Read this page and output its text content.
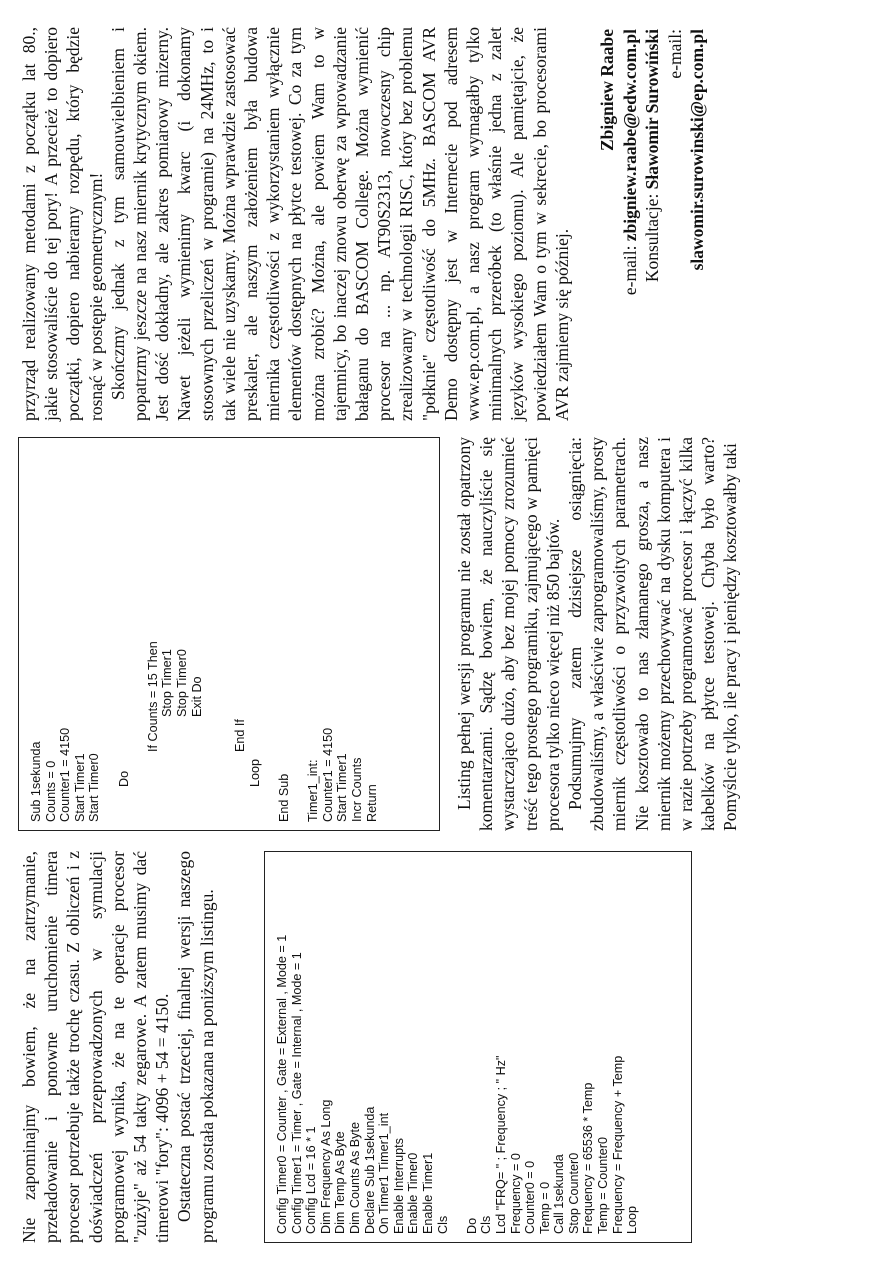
Nie zapominajmy bowiem, że na zatrzymanie, przeładowanie i ponowne uruchomienie timera procesor potrzebuje także trochę czasu. Z obliczeń i z doświadczeń przeprowadzonych w symulacji programowej wynika, że na te operacje procesor "zużyje" aż 54 takty zegarowe. A zatem musimy dać timerowi "fory": 4096 + 54 = 4150. Ostateczna postać trzeciej, finalnej wersji naszego programu została pokazana na poniższym listingu.	Config Timer0 = Counter , Gate = External , Mode = 1 Config Timer1 = Timer , Gate = Internal , Mode = 1 Config Lcd = 16 * 1 Dim Frequency As Long Dim Temp As Byte Dim Counts As Byte Declare Sub 1sekunda On Timer1 Timer1_int Enable Interrupts Enable Timer0 Enable Timer1 Cls Do Cls Lcd "FRQ= " ; Frequency ; " Hz" Frequency = 0 Counter0 = 0 Temp = 0 Call 1sekunda Stop Counter0 Frequency = 65536 * Temp Temp = Counter0 Frequency = Frequency + Temp Loop
Sub 1sekunda Counts = 0 Counter1 = 4150 Start Timer1 Start Timer0 Do If Counts = 15 Then Stop Timer1 Stop Timer0 Exit Do End If Loop End Sub Timer1_int: Counter1 = 4150 Start Timer1 Incr Counts Return	Listing pełnej wersji programu nie został opatrzony komentarzami. Sądzę bowiem, że nauczyliście się wystarczająco dużo, aby bez mojej pomocy zrozumieć treść tego prostego programiku, zajmującego w pamięci procesora tylko nieco więcej niż 850 bajtów. Podsumujmy zatem dzisiejsze osiągnięcia: zbudowaliśmy, a właściwie zaprogramowaliśmy, prosty miernik częstotliwości o przyzwoitych parametrach. Nie kosztowało to nas złamanego grosza, a nasz miernik możemy przechowywać na dysku komputera i w razie potrzeby programować procesor i łączyć kilka kabelków na płytce testowej. Chyba było warto? Pomyślcie tylko, ile pracy i pieniędzy kosztowałby taki

przyrząd realizowany metodami z początku lat 80., jakie stosowaliście do tej pory! A przecież to dopiero początki, dopiero nabieramy rozpędu, który będzie rosnąć w postępie geometrycznym! Skończmy jednak z tym samouwielbieniem i popatrzmy jeszcze na nasz miernik krytycznym okiem. Jest dość dokładny, ale zakres pomiarowy mizerny. Nawet jeżeli wymienimy kwarc (i dokonamy stosownych przeliczeń w programie) na 24MHz, to i tak wiele nie uzyskamy. Można wprawdzie zastosować preskaler, ale naszym założeniem była budowa miernika częstotliwości z wykorzystaniem wyłącznie elementów dostępnych na płytce testowej. Co za tym można zrobić? Można, ale powiem Wam to w tajemnicy, bo inaczej znowu oberwę za wprowadzanie bałaganu do BASCOM College. Można wymienić procesor na ... np. AT90S2313, nowoczesny chip zrealizowany w technologii RISC, który bez problemu "połknie" częstotliwość do 5MHz. BASCOM AVR Demo dostępny jest w Internecie pod adresem www.ep.com.pl, a nasz program wymagałby tylko minimalnych przeróbek (to właśnie jedna z zalet języków wysokiego poziomu). Ale pamiętajcie, że powiedziałem Wam o tym w sekrecie, bo procesorami AVR zajmiemy się później.

Zbigniew Raabe
e-mail: zbigniew.raabe@edw.com.pl Konsultacje: Sławomir Surowiński e-mail: slawomir.surowinski@ep.com.pl
